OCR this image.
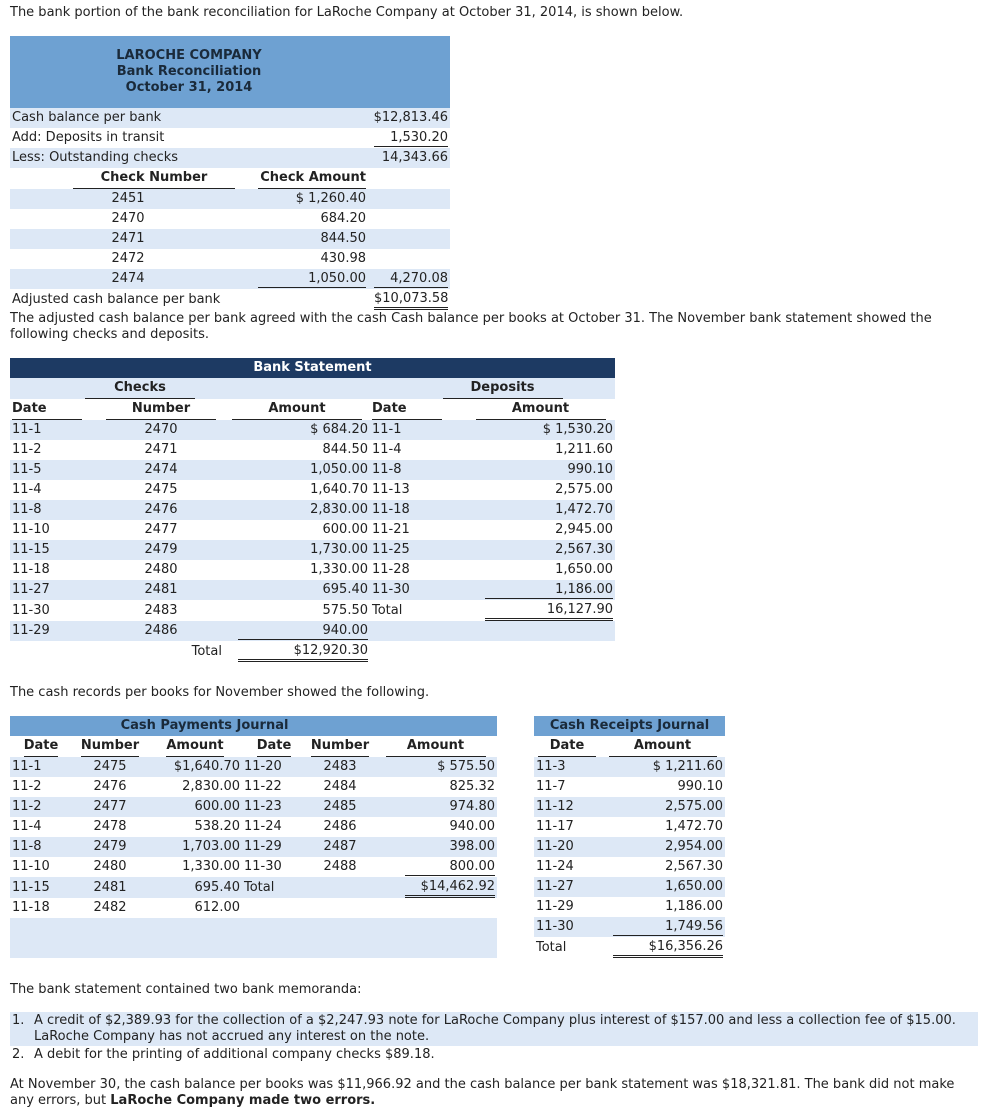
The bank portion of the bank reconciliation for LaRoche Company at October 31, 2014, is shown below.

LAROCHE COMPANY
Bank Reconciliation
October 31, 2014		

Cash balance per bank		$12,813.46
Add: Deposits in transit		1,530.20
Less: Outstanding checks		14,343.66
Check Number	Check Amount	
2451	$ 1,260.40	
2470	684.20	
2471	844.50	
2472	430.98	
2474	1,050.00	4,270.08
Adjusted cash balance per bank		$10,073.58

The adjusted cash balance per bank agreed with the cash Cash balance per books at October 31. The November bank statement showed the following checks and deposits.

Bank Statement				
Checks			Deposits	
Date	Number	Amount	Date	Amount
11-1	2470	$ 684.20	11-1	$ 1,530.20
11-2	2471	844.50	11-4	1,211.60
11-5	2474	1,050.00	11-8	990.10
11-4	2475	1,640.70	11-13	2,575.00
11-8	2476	2,830.00	11-18	1,472.70
11-10	2477	600.00	11-21	2,945.00
11-15	2479	1,730.00	11-25	2,567.30
11-18	2480	1,330.00	11-28	1,650.00
11-27	2481	695.40	11-30	1,186.00
11-30	2483	575.50	Total	16,127.90
11-29	2486	940.00		
	Total	$12,920.30		

The cash records per books for November showed the following.

Cash Payments Journal					
Date	Number	Amount	Date	Number	Amount
11-1	2475	$1,640.70	11-20	2483	$ 575.50
11-2	2476	2,830.00	11-22	2484	825.32
11-2	2477	600.00	11-23	2485	974.80
11-4	2478	538.20	11-24	2486	940.00
11-8	2479	1,703.00	11-29	2487	398.00
11-10	2480	1,330.00	11-30	2488	800.00
11-15	2481	695.40	Total		$14,462.92
11-18	2482	612.00			

Cash Receipts Journal	
Date	Amount
11-3	$ 1,211.60
11-7	990.10
11-12	2,575.00
11-17	1,472.70
11-20	2,954.00
11-24	2,567.30
11-27	1,650.00
11-29	1,186.00
11-30	1,749.56
Total	$16,356.26

The bank statement contained two bank memoranda:

1. A credit of $2,389.93 for the collection of a $2,247.93 note for LaRoche Company plus interest of $157.00 and less a collection fee of $15.00. LaRoche Company has not accrued any interest on the note.
2. A debit for the printing of additional company checks $89.18.

At November 30, the cash balance per books was $11,966.92 and the cash balance per bank statement was $18,321.81. The bank did not make any errors, but LaRoche Company made two errors.
